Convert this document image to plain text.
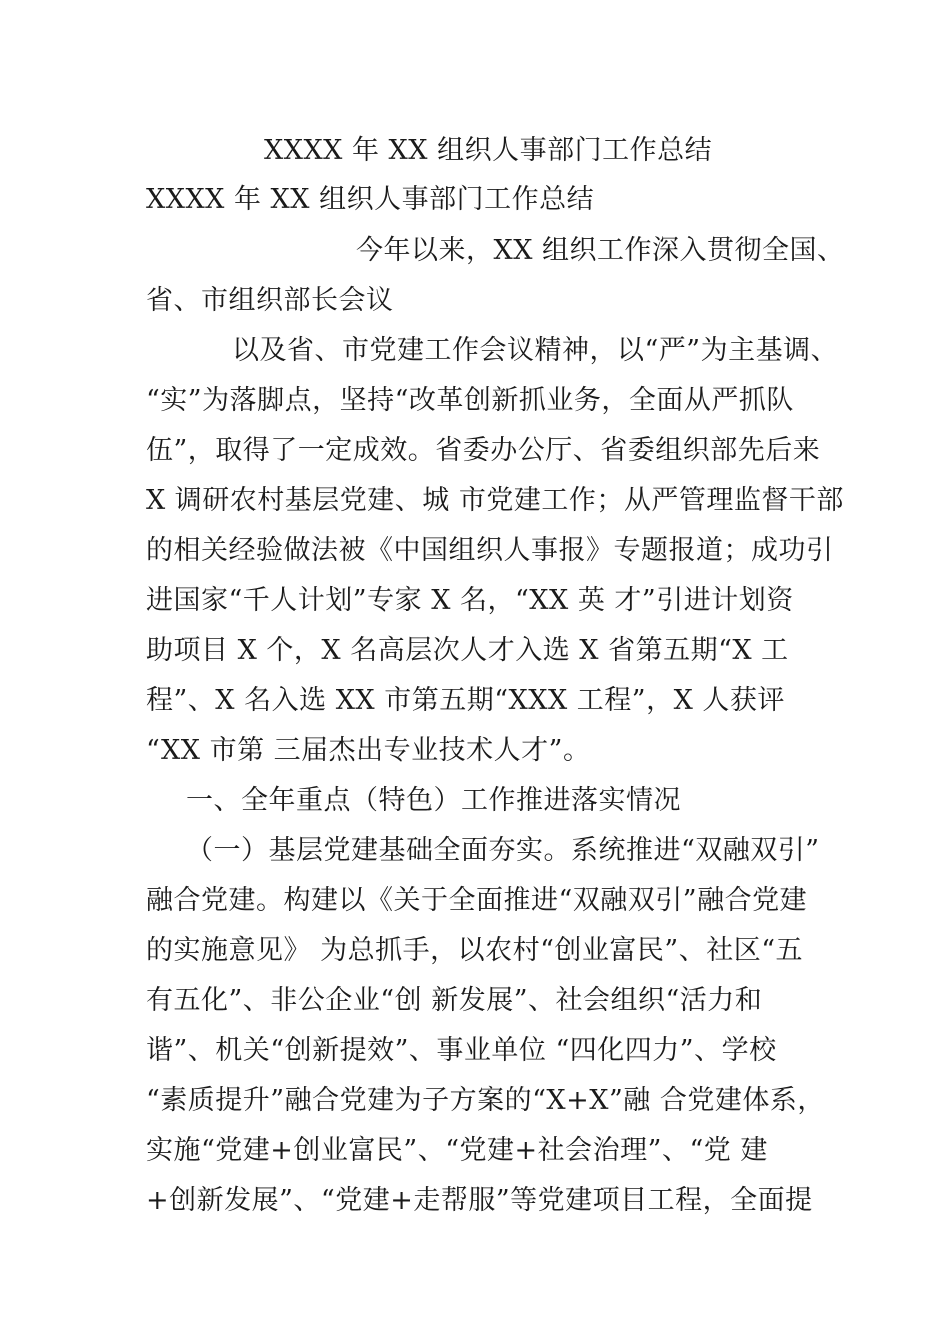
XXXX 年 XX 组织人事部门工作总结
XXXX 年 XX 组织人事部门工作总结
今年以来，XX 组织工作深入贯彻全国、
省、市组织部长会议
以及省、市党建工作会议精神，以“严”为主基调、
“实”为落脚点，坚持“改革创新抓业务，全面从严抓队
伍”，取得了一定成效。省委办公厅、省委组织部先后来
X 调研农村基层党建、城 市党建工作；从严管理监督干部
的相关经验做法被《中国组织人事报》专题报道；成功引
进国家“千人计划”专家 X 名，“XX 英 才”引进计划资
助项目 X 个，X 名高层次人才入选 X 省第五期“X 工
程”、X 名入选 XX 市第五期“XXX 工程”，X 人获评
“XX 市第 三届杰出专业技术人才”。
一、全年重点（特色）工作推进落实情况
（一）基层党建基础全面夯实。系统推进“双融双引”
融合党建。构建以《关于全面推进“双融双引”融合党建
的实施意见》 为总抓手，以农村“创业富民”、社区“五
有五化”、非公企业“创 新发展”、社会组织“活力和
谐”、机关“创新提效”、事业单位 “四化四力”、学校
“素质提升”融合党建为子方案的“X+X”融 合党建体系，
实施“党建+创业富民”、“党建+社会治理”、“党 建
+创新发展”、“党建+走帮服”等党建项目工程，全面提
